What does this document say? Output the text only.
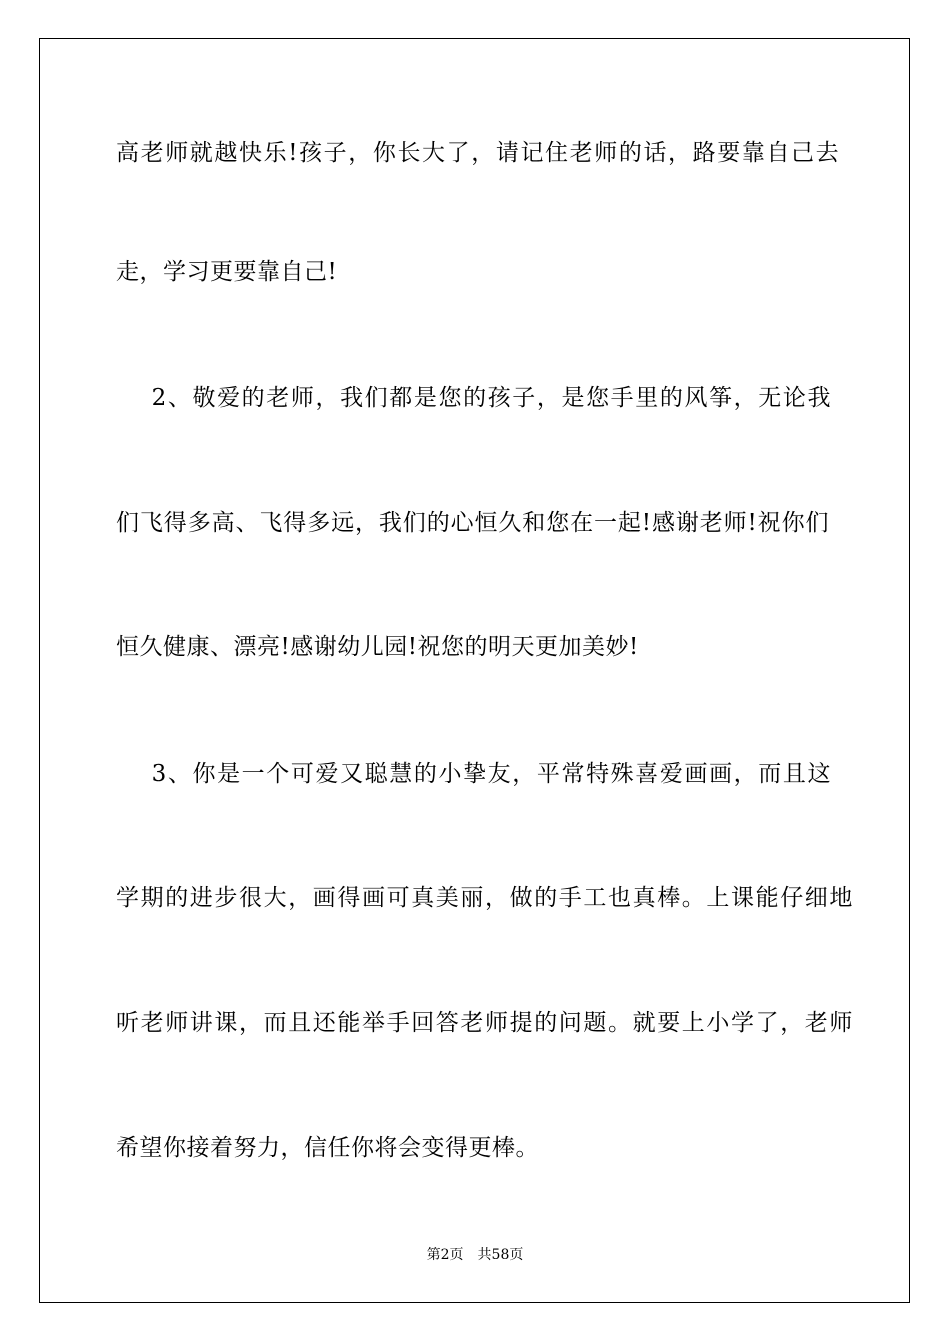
高老师就越快乐!孩子，你长大了，请记住老师的话，路要靠自己去
走，学习更要靠自己!
2、敬爱的老师，我们都是您的孩子，是您手里的风筝，无论我
们飞得多高、飞得多远，我们的心恒久和您在一起!感谢老师!祝你们
恒久健康、漂亮!感谢幼儿园!祝您的明天更加美妙!
3、你是一个可爱又聪慧的小挚友，平常特殊喜爱画画，而且这
学期的进步很大，画得画可真美丽，做的手工也真棒。上课能仔细地
听老师讲课，而且还能举手回答老师提的问题。就要上小学了，老师
希望你接着努力，信任你将会变得更棒。
第2页　共58页
